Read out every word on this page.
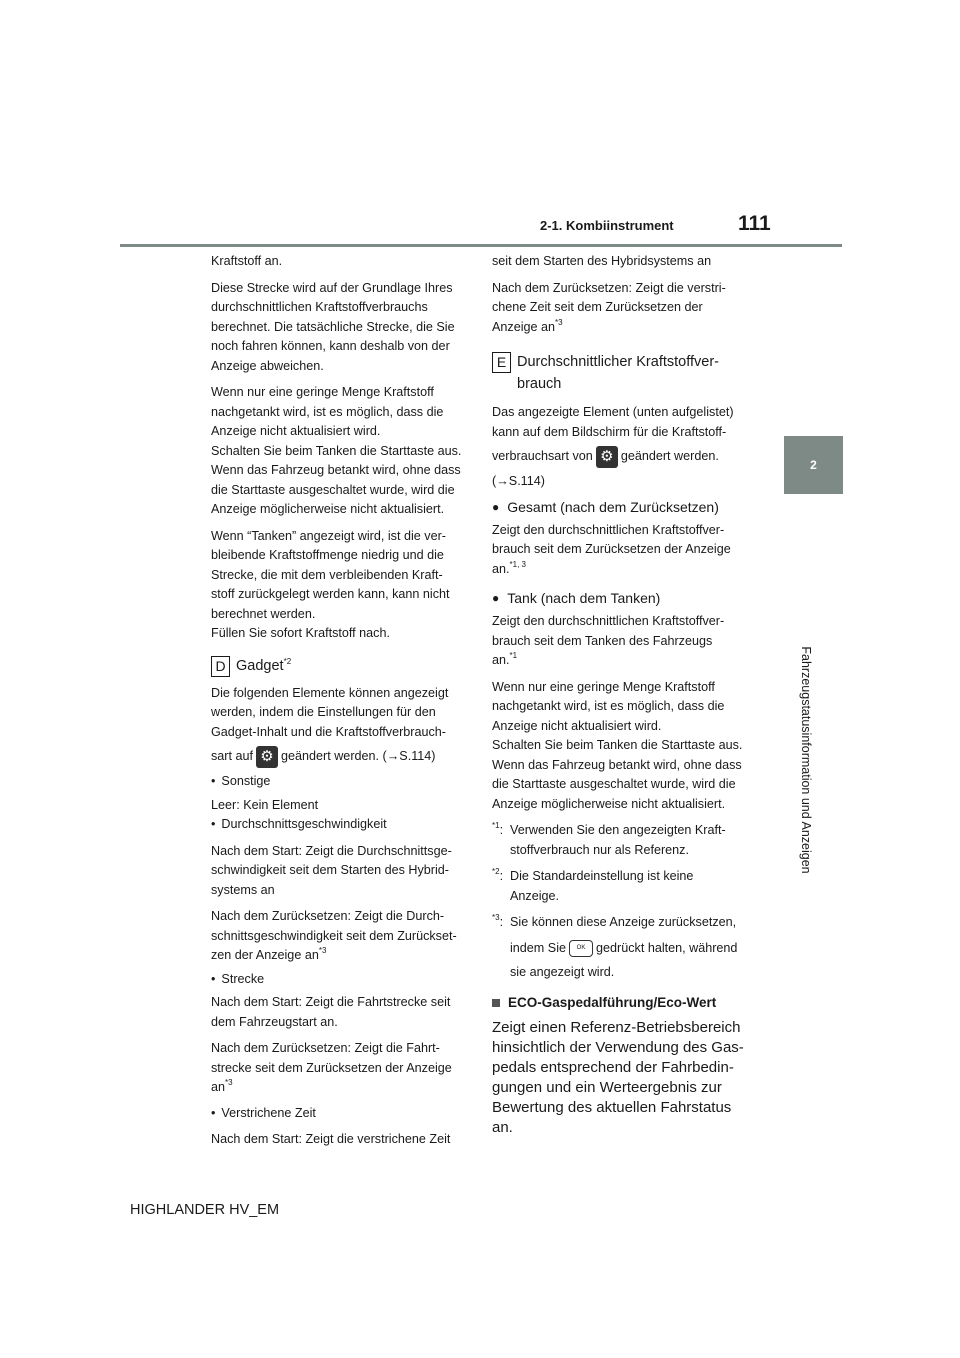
2-1. Kombiinstrument	111
2
Fahrzeugstatusinformation und Anzeigen

Kraftstoff an.

Diese Strecke wird auf der Grundlage Ihres
durchschnittlichen Kraftstoffverbrauchs
berechnet. Die tatsächliche Strecke, die Sie
noch fahren können, kann deshalb von der
Anzeige abweichen.

Wenn nur eine geringe Menge Kraftstoff
nachgetankt wird, ist es möglich, dass die
Anzeige nicht aktualisiert wird.
Schalten Sie beim Tanken die Starttaste aus.
Wenn das Fahrzeug betankt wird, ohne dass
die Starttaste ausgeschaltet wurde, wird die
Anzeige möglicherweise nicht aktualisiert.

Wenn “Tanken” angezeigt wird, ist die ver-
bleibende Kraftstoffmenge niedrig und die
Strecke, die mit dem verbleibenden Kraft-
stoff zurückgelegt werden kann, kann nicht
berechnet werden.
Füllen Sie sofort Kraftstoff nach.

D Gadget$^{*2}$

Die folgenden Elemente können angezeigt
werden, indem die Einstellungen für den
Gadget-Inhalt und die Kraftstoffverbrauch-

sart auf ⚙ geändert werden. (→S.114)

• Sonstige

Leer: Kein Element

• Durchschnittsgeschwindigkeit

Nach dem Start: Zeigt die Durchschnittsge-
schwindigkeit seit dem Starten des Hybrid-
systems an

Nach dem Zurücksetzen: Zeigt die Durch-
schnittsgeschwindigkeit seit dem Zurückset-
zen der Anzeige $an^{*3}$

• Strecke

Nach dem Start: Zeigt die Fahrtstrecke seit
dem Fahrzeugstart an.

Nach dem Zurücksetzen: Zeigt die Fahrt-
strecke seit dem Zurücksetzen der Anzeige
$an^{*3}$

• Verstrichene Zeit

Nach dem Start: Zeigt die verstrichene Zeit

seit dem Starten des Hybridsystems an

Nach dem Zurücksetzen: Zeigt die verstri-
chene Zeit seit dem Zurücksetzen der
Anzeige $an^{*3}$

E Durchschnittlicher Kraftstoffver-
brauch

Das angezeigte Element (unten aufgelistet)
kann auf dem Bildschirm für die Kraftstoff-

verbrauchsart von ⚙ geändert werden.

(→S.114)

● Gesamt (nach dem Zurücksetzen)

Zeigt den durchschnittlichen Kraftstoffver-
brauch seit dem Zurücksetzen der Anzeige
an.$^{*1, 3}$

● Tank (nach dem Tanken)

Zeigt den durchschnittlichen Kraftstoffver-
brauch seit dem Tanken des Fahrzeugs
an.$^{*1}$

Wenn nur eine geringe Menge Kraftstoff
nachgetankt wird, ist es möglich, dass die
Anzeige nicht aktualisiert wird.
Schalten Sie beim Tanken die Starttaste aus.
Wenn das Fahrzeug betankt wird, ohne dass
die Starttaste ausgeschaltet wurde, wird die
Anzeige möglicherweise nicht aktualisiert.

$^{*1}$: Verwenden Sie den angezeigten Kraft-
stoffverbrauch nur als Referenz.
$^{*2}$: Die Standardeinstellung ist keine
Anzeige.
$^{*3}$: Sie können diese Anzeige zurücksetzen,
indem Sie OK gedrückt halten, während
sie angezeigt wird.
ECO-Gaspedalführung/Eco-Wert

Zeigt einen Referenz-Betriebsbereich
hinsichtlich der Verwendung des Gas-
pedals entsprechend der Fahrbedin-
gungen und ein Werteergebnis zur
Bewertung des aktuellen Fahrstatus an.

HIGHLANDER HV_EM
